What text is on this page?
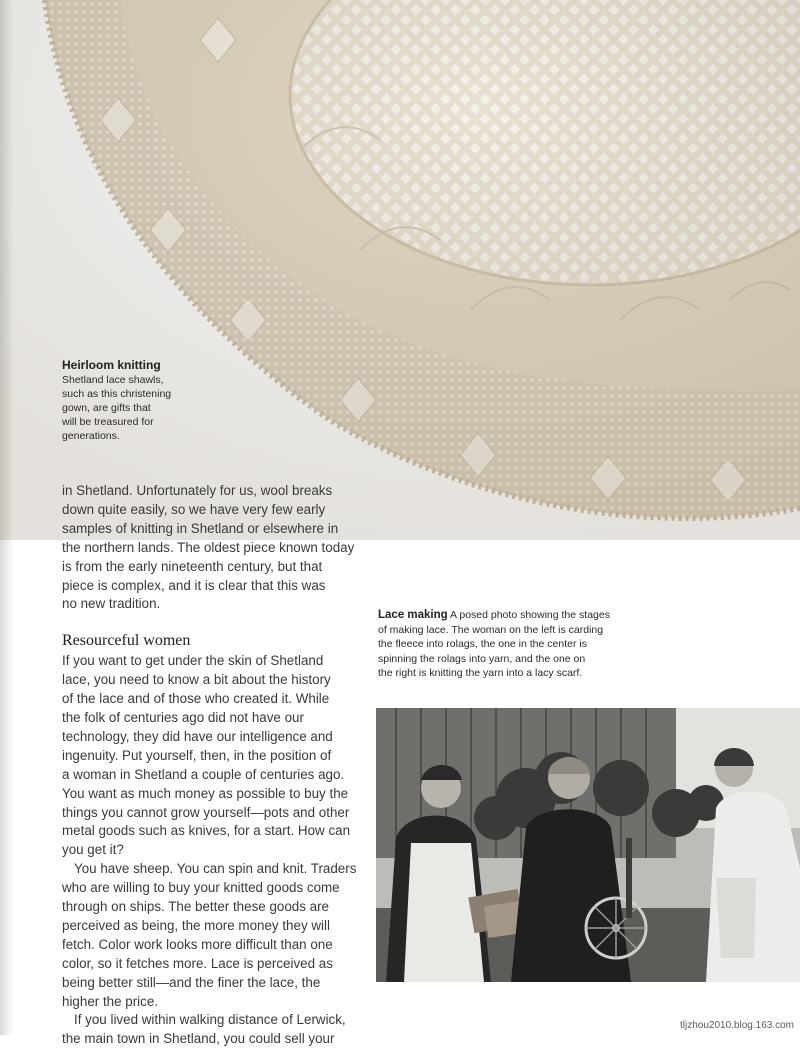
Heirloom knitting
Shetland lace shawls,
such as this christening
gown, are gifts that
will be treasured for
generations.

in Shetland. Unfortunately for us, wool breaks
down quite easily, so we have very few early
samples of knitting in Shetland or elsewhere in
the northern lands. The oldest piece known today
is from the early nineteenth century, but that
piece is complex, and it is clear that this was
no new tradition.

Resourceful women

If you want to get under the skin of Shetland
lace, you need to know a bit about the history
of the lace and of those who created it. While
the folk of centuries ago did not have our
technology, they did have our intelligence and
ingenuity. Put yourself, then, in the position of
a woman in Shetland a couple of centuries ago.
You want as much money as possible to buy the
things you cannot grow yourself—pots and other
metal goods such as knives, for a start. How can
you get it?

You have sheep. You can spin and knit. Traders
who are willing to buy your knitted goods come
through on ships. The better these goods are
perceived as being, the more money they will
fetch. Color work looks more difficult than one
color, so it fetches more. Lace is perceived as
being better still—and the finer the lace, the
higher the price.

If you lived within walking distance of Lerwick,
the main town in Shetland, you could sell your

Lace making A posed photo showing the stages
of making lace. The woman on the left is carding
the fleece into rolags, the one in the center is
spinning the rolags into yarn, and the one on
the right is knitting the yarn into a lacy scarf.
tljzhou2010.blog.163.com
